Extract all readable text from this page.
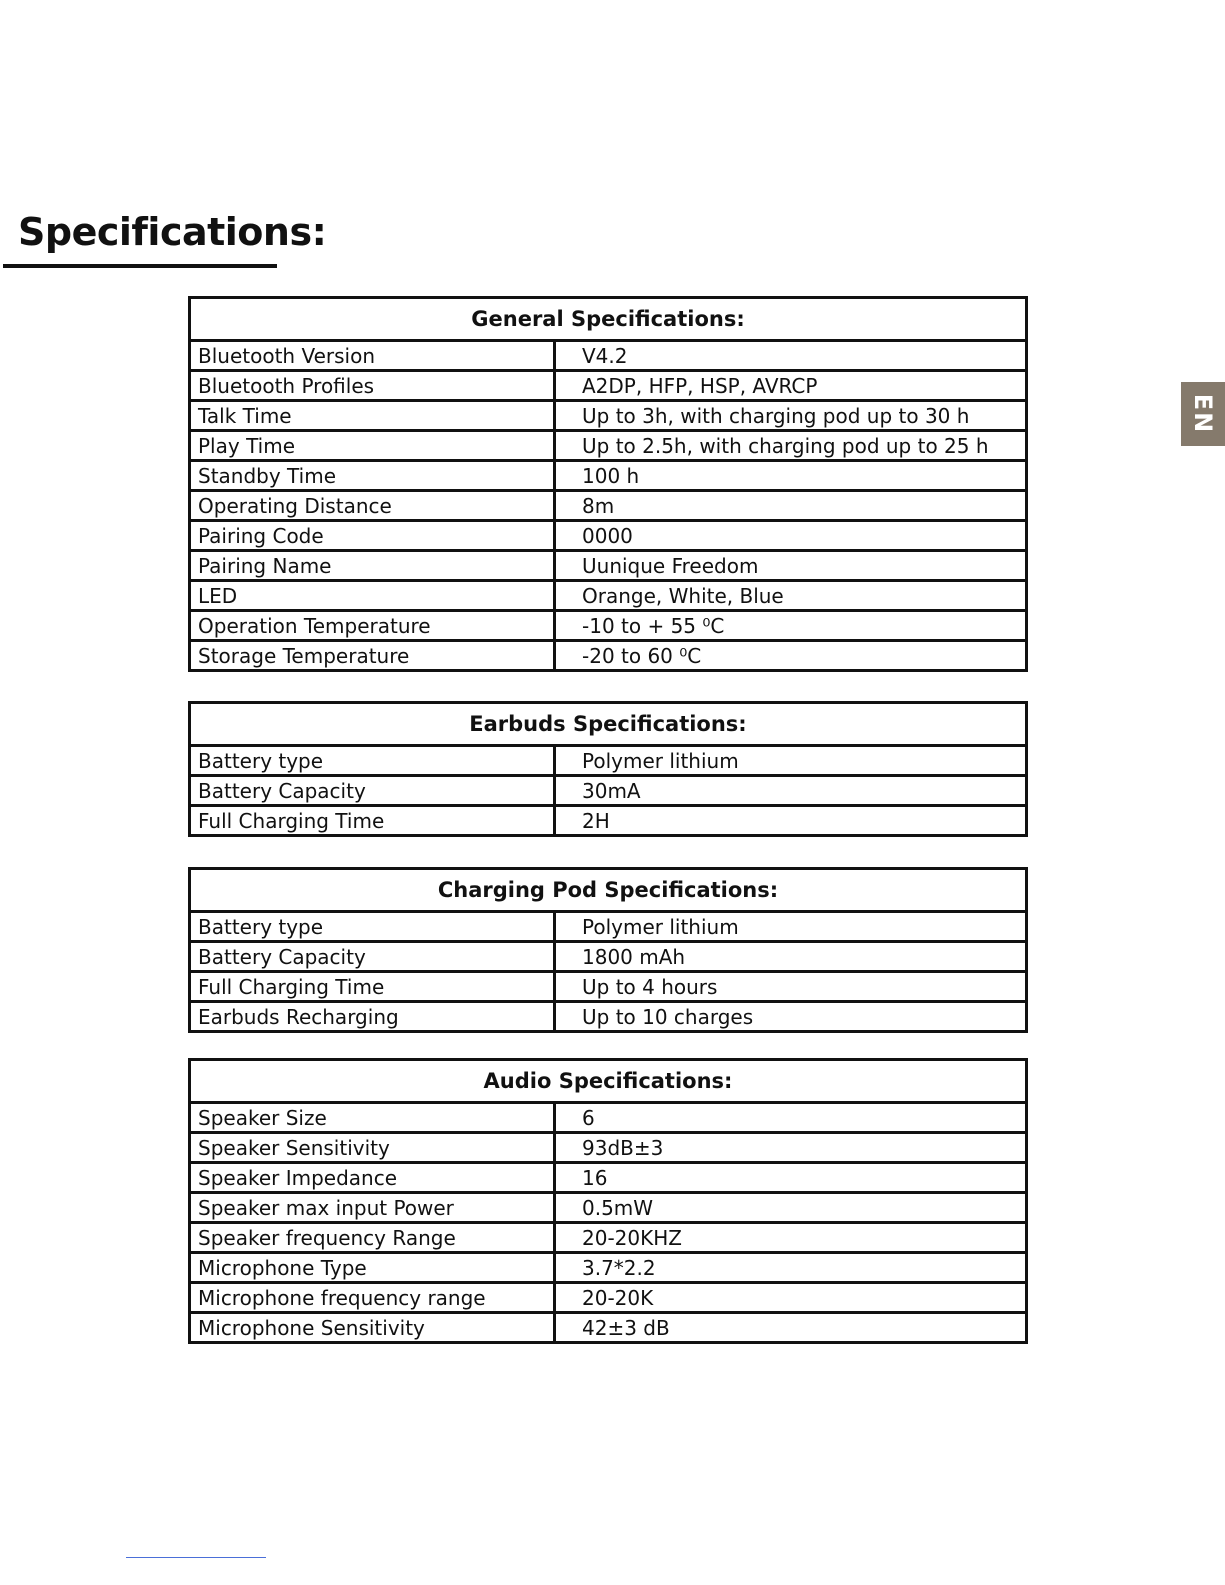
Specifications:
EN
General Specifications:
Bluetooth Version	V4.2
Bluetooth Profiles	A2DP, HFP, HSP, AVRCP
Talk Time	Up to 3h, with charging pod up to 30 h
Play Time	Up to 2.5h, with charging pod up to 25 h
Standby Time	100 h
Operating Distance	8m
Pairing Code	0000
Pairing Name	Uunique Freedom
LED	Orange, White, Blue
Operation Temperature	-10 to + 55 ⁰C
Storage Temperature	-20 to 60 ⁰C
Earbuds Specifications:
Battery type	Polymer lithium
Battery Capacity	30mA
Full Charging Time	2H
Charging Pod Specifications:
Battery type	Polymer lithium
Battery Capacity	1800 mAh
Full Charging Time	Up to 4 hours
Earbuds Recharging	Up to 10 charges
Audio Specifications:
Speaker Size	6
Speaker Sensitivity	93dB±3
Speaker Impedance	16
Speaker max input Power	0.5mW
Speaker frequency Range	20-20KHZ
Microphone Type	3.7*2.2
Microphone frequency range	20-20K
Microphone Sensitivity	42±3 dB
